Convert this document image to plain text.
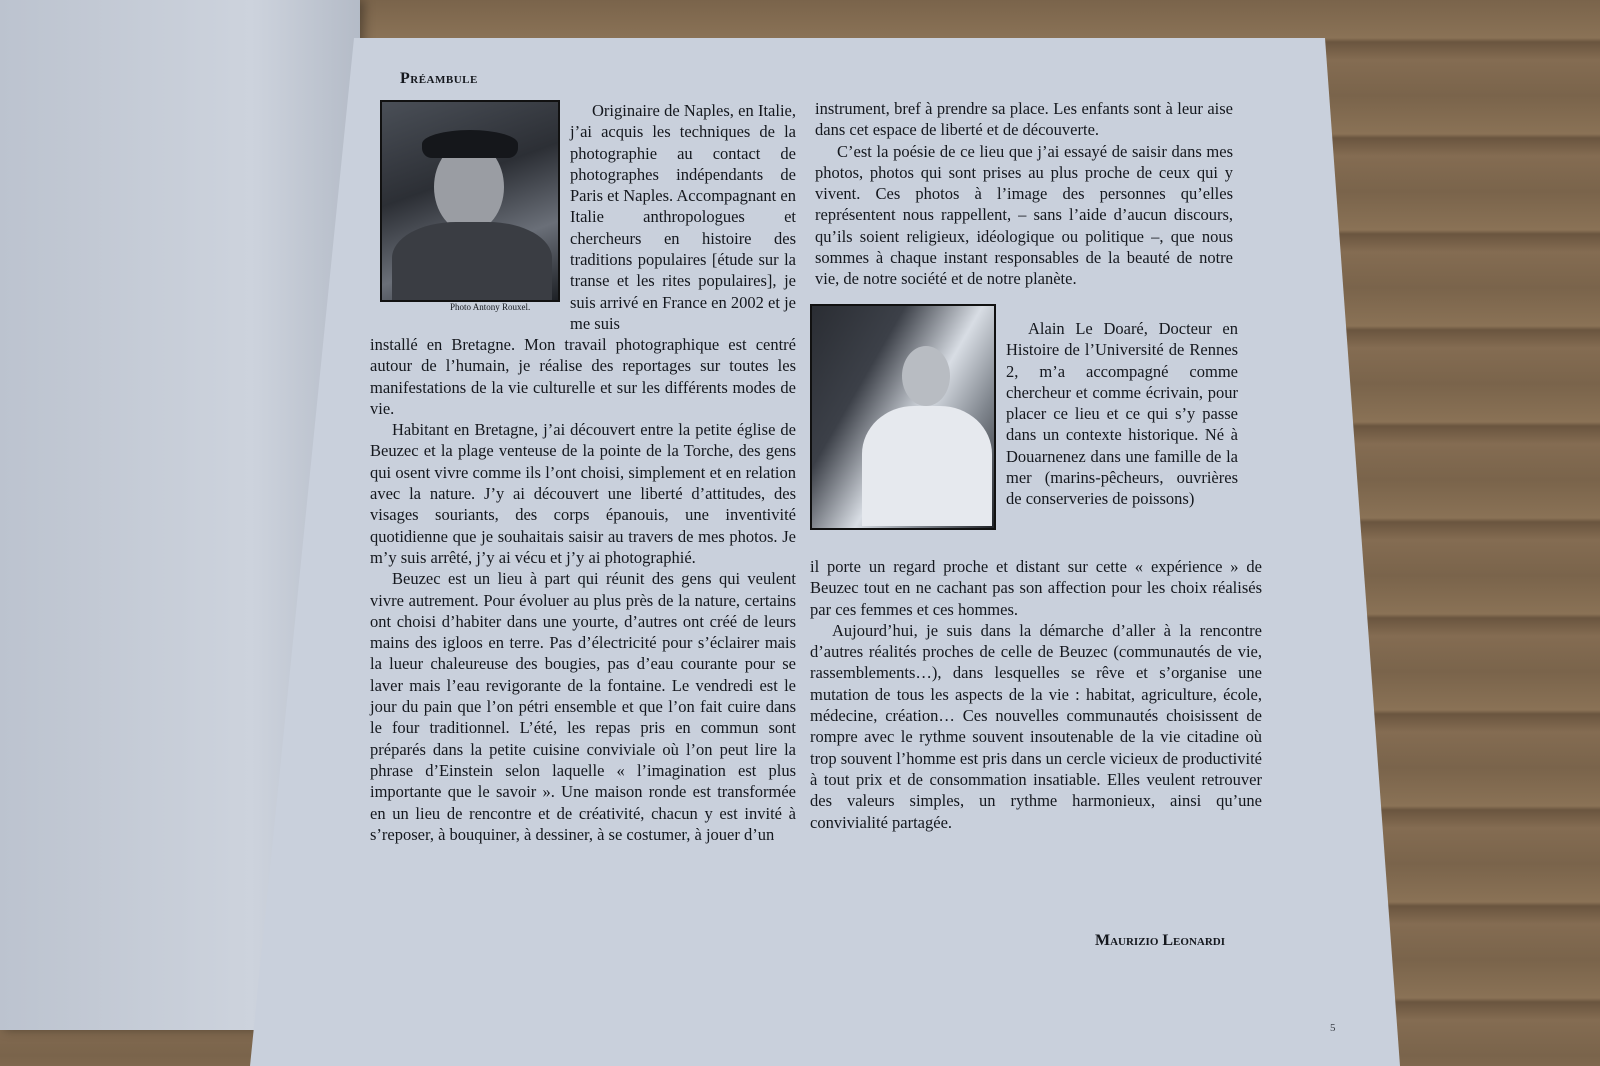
Préambule
Photo Antony Rouxel.

Originaire de Naples, en Italie, j’ai acquis les techniques de la photographie au contact de photographes indépendants de Paris et Naples. Accompagnant en Italie anthropologues et chercheurs en histoire des traditions populaires [étude sur la transe et les rites populaires], je suis arrivé en France en 2002 et je me suis

installé en Bretagne. Mon travail photographique est centré autour de l’humain, je réalise des reportages sur toutes les manifestations de la vie culturelle et sur les différents modes de vie.

Habitant en Bretagne, j’ai découvert entre la petite église de Beuzec et la plage venteuse de la pointe de la Torche, des gens qui osent vivre comme ils l’ont choisi, simplement et en relation avec la nature. J’y ai découvert une liberté d’attitudes, des visages souriants, des corps épanouis, une inventivité quotidienne que je souhaitais saisir au travers de mes photos. Je m’y suis arrêté, j’y ai vécu et j’y ai photographié.

Beuzec est un lieu à part qui réunit des gens qui veulent vivre autrement. Pour évoluer au plus près de la nature, certains ont choisi d’habiter dans une yourte, d’autres ont créé de leurs mains des igloos en terre. Pas d’électricité pour s’éclairer mais la lueur chaleureuse des bougies, pas d’eau courante pour se laver mais l’eau revigorante de la fontaine. Le vendredi est le jour du pain que l’on pétri ensemble et que l’on fait cuire dans le four traditionnel. L’été, les repas pris en commun sont préparés dans la petite cuisine conviviale où l’on peut lire la phrase d’Einstein selon laquelle « l’imagination est plus importante que le savoir ». Une maison ronde est transformée en un lieu de rencontre et de créativité, chacun y est invité à s’reposer, à bouquiner, à dessiner, à se costumer, à jouer d’un

instrument, bref à prendre sa place. Les enfants sont à leur aise dans cet espace de liberté et de découverte.

C’est la poésie de ce lieu que j’ai essayé de saisir dans mes photos, photos qui sont prises au plus proche de ceux qui y vivent. Ces photos à l’image des personnes qu’elles représentent nous rappellent, – sans l’aide d’aucun discours, qu’ils soient religieux, idéologique ou politique –, que nous sommes à chaque instant responsables de la beauté de notre vie, de notre société et de notre planète.

Alain Le Doaré, Docteur en Histoire de l’Université de Rennes 2, m’a accompagné comme chercheur et comme écrivain, pour placer ce lieu et ce qui s’y passe dans un contexte historique. Né à Douarnenez dans une famille de la mer (marins-pêcheurs, ouvrières de conserveries de poissons)

il porte un regard proche et distant sur cette « expérience » de Beuzec tout en ne cachant pas son affection pour les choix réalisés par ces femmes et ces hommes.

Aujourd’hui, je suis dans la démarche d’aller à la rencontre d’autres réalités proches de celle de Beuzec (communautés de vie, rassemblements…), dans lesquelles se rêve et s’organise une mutation de tous les aspects de la vie : habitat, agriculture, école, médecine, création… Ces nouvelles communautés choisissent de rompre avec le rythme souvent insoutenable de la vie citadine où trop souvent l’homme est pris dans un cercle vicieux de productivité à tout prix et de consommation insatiable. Elles veulent retrouver des valeurs simples, un rythme harmonieux, ainsi qu’une convivialité partagée.

Maurizio Leonardi
5
